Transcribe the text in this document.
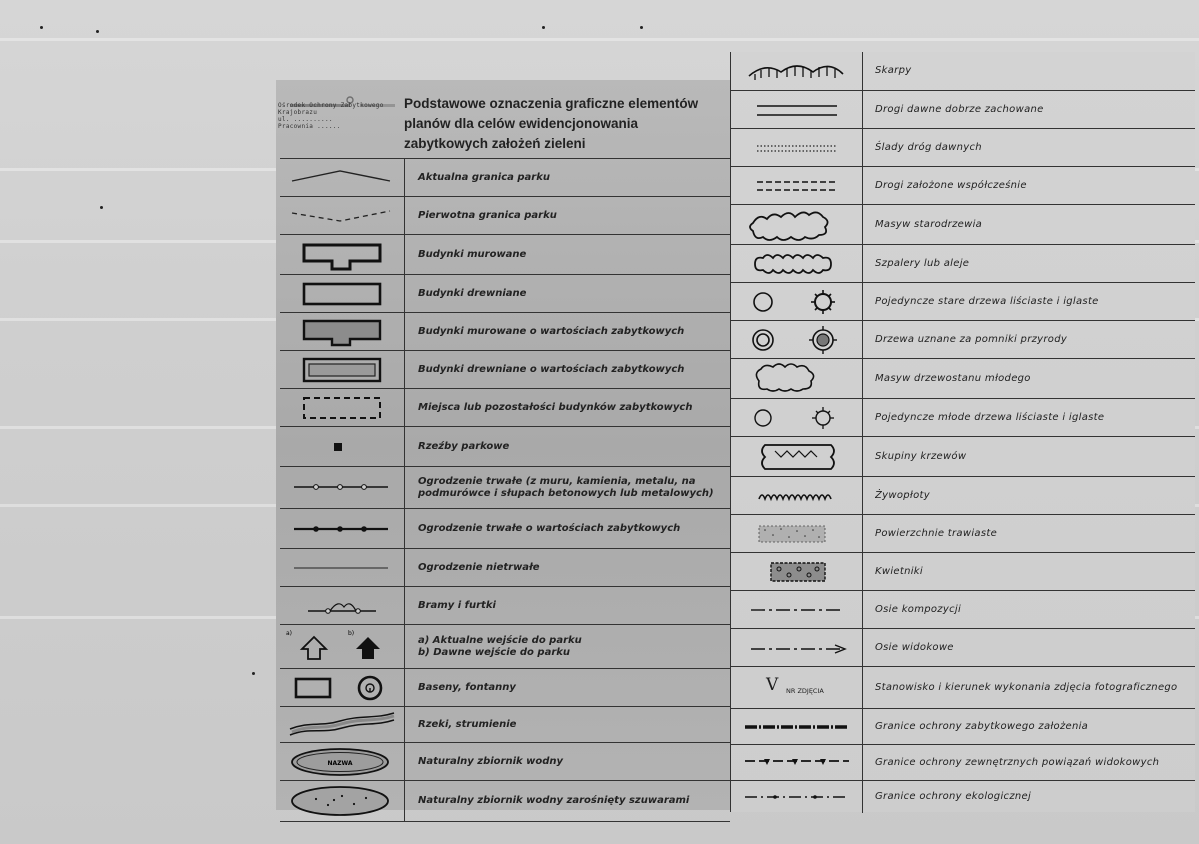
Ośrodek Ochrony Zabytkowego
Krajobrazu
ul. ..........
Pracownia ......
Podstawowe oznaczenia graficzne elementów
planów dla celów ewidencjonowania
zabytkowych założeń zieleni
Aktualna granica parku
Pierwotna granica parku
Budynki murowane
Budynki drewniane
Budynki murowane o wartościach zabytkowych
Budynki drewniane o wartościach zabytkowych
Miejsca lub pozostałości budynków zabytkowych
Rzeźby parkowe
Ogrodzenie trwałe (z muru, kamienia, metalu, na podmurówce i słupach betonowych lub metalowych)
Ogrodzenie trwałe o wartościach zabytkowych
Ogrodzenie nietrwałe
Bramy i furtki
a)	b)
a) Aktualne wejście do parku
b) Dawne wejście do parku
Baseny, fontanny
Rzeki, strumienie
NAZWA	Naturalny zbiornik wodny
Naturalny zbiornik wodny zarośnięty szuwarami
Skarpy
Drogi dawne dobrze zachowane
Ślady dróg dawnych
Drogi założone współcześnie
Masyw starodrzewia
Szpalery lub aleje
Pojedyncze stare drzewa liściaste i iglaste
Drzewa uznane za pomniki przyrody
Masyw drzewostanu młodego
Pojedyncze młode drzewa liściaste i iglaste
Skupiny krzewów
Żywopłoty
Powierzchnie trawiaste
Kwietniki
Osie kompozycji
Osie widokowe
V NR ZDJĘCIA	Stanowisko i kierunek wykonania zdjęcia fotograficznego
Granice ochrony zabytkowego założenia
Granice ochrony zewnętrznych powiązań widokowych
Granice ochrony ekologicznej
